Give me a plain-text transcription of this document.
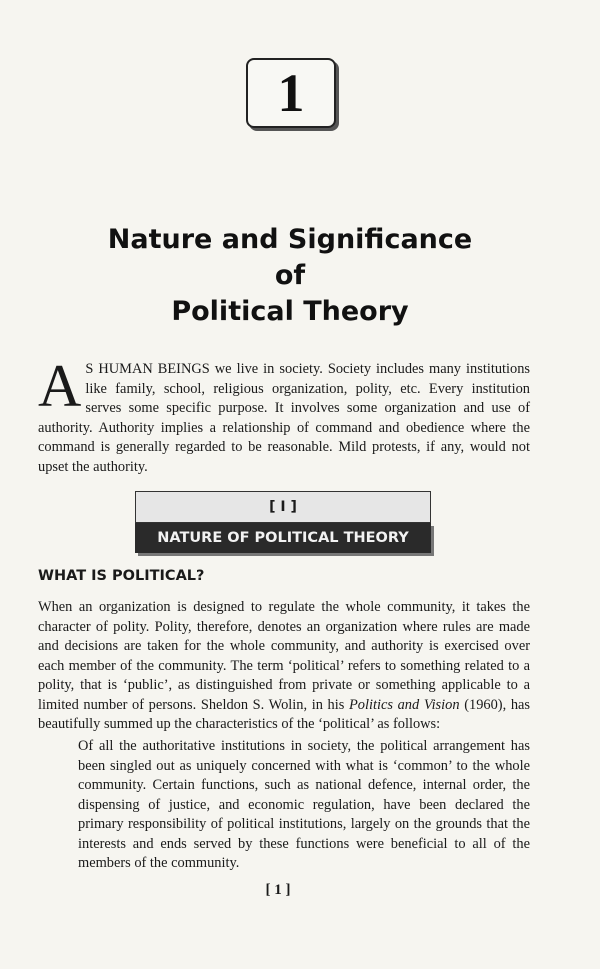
1
Nature and Significance
of
Political Theory
A S HUMAN BEINGS we live in society. Society includes many institutions like family, school, religious organization, polity, etc. Every institution serves some specific purpose. It involves some organization and use of authority. Authority implies a relationship of command and obedience where the command is generally regarded to be reasonable. Mild protests, if any, would not upset the authority.
[ I ]
NATURE OF POLITICAL THEORY
WHAT IS POLITICAL?
When an organization is designed to regulate the whole community, it takes the character of polity. Polity, therefore, denotes an organization where rules are made and decisions are taken for the whole community, and authority is exercised over each member of the community. The term ‘political’ refers to something related to a polity, that is ‘public’, as distinguished from private or something applicable to a limited number of persons. Sheldon S. Wolin, in his Politics and Vision (1960), has beautifully summed up the characteristics of the ‘political’ as follows:
Of all the authoritative institutions in society, the political arrangement has been singled out as uniquely concerned with what is ‘common’ to the whole community. Certain functions, such as national defence, internal order, the dispensing of justice, and economic regulation, have been declared the primary responsibility of political institutions, largely on the grounds that the interests and ends served by these functions were beneficial to all of the members of the community.
[ 1 ]
